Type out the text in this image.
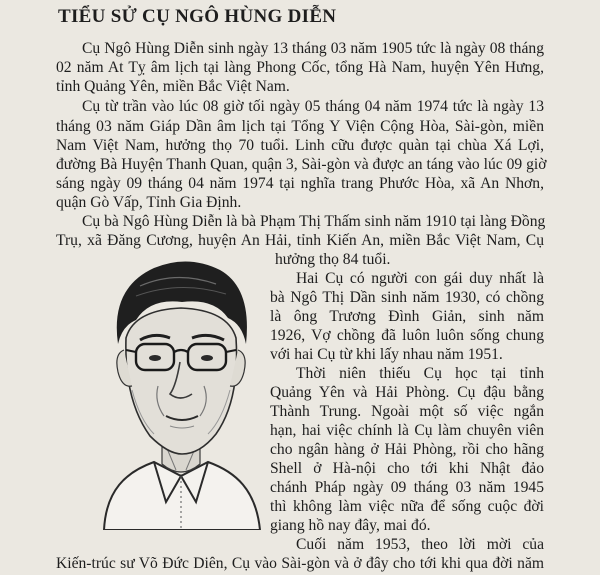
TIỂU SỬ CỤ NGÔ HÙNG DIỄN
Cụ Ngô Hùng Diễn sinh ngày 13 tháng 03 năm 1905 tức là ngày 08 tháng
02 năm At Tỵ âm lịch tại làng Phong Cốc, tổng Hà Nam, huyện Yên Hưng,
tỉnh Quảng Yên, miền Bắc Việt Nam.
Cụ từ trần vào lúc 08 giờ tối ngày 05 tháng 04 năm 1974 tức là ngày 13
tháng 03 năm Giáp Dần âm lịch tại Tổng Y Viện Cộng Hòa, Sài-gòn, miền
Nam Việt Nam, hưởng thọ 70 tuổi. Linh cữu được quàn tại chùa Xá Lợi,
đường Bà Huyện Thanh Quan, quận 3, Sài-gòn và được an táng vào lúc 09 giờ
sáng ngày 09 tháng 04 năm 1974 tại nghĩa trang Phước Hòa, xã An Nhơn,
quận Gò Vấp, Tỉnh Gia Định.
Cụ bà Ngô Hùng Diễn là bà Phạm Thị Thấm sinh năm 1910 tại làng Đồng
Trụ, xã Đăng Cương, huyện An Hải, tỉnh Kiến An, miền Bắc Việt Nam, Cụ
hưởng thọ 84 tuổi.
Hai Cụ có người con gái duy nhất là
bà Ngô Thị Dần sinh năm 1930, có chồng
là ông Trương Đình Giản, sinh năm
1926, Vợ chồng đã luôn luôn sống chung
với hai Cụ từ khi lấy nhau năm 1951.
Thời niên thiếu Cụ học tại tỉnh
Quảng Yên và Hải Phòng. Cụ đậu bằng
Thành Trung. Ngoài một số việc ngắn
hạn, hai việc chính là Cụ làm chuyên viên
cho ngân hàng ở Hải Phòng, rồi cho hãng
Shell ở Hà-nội cho tới khi Nhật đảo
chánh Pháp ngày 09 tháng 03 năm 1945
thì không làm việc nữa để sống cuộc đời
giang hồ nay đây, mai đó.
Cuối năm 1953, theo lời mời của
Kiến-trúc sư Võ Đức Diên, Cụ vào Sài-gòn và ở đây cho tới khi qua đời năm
